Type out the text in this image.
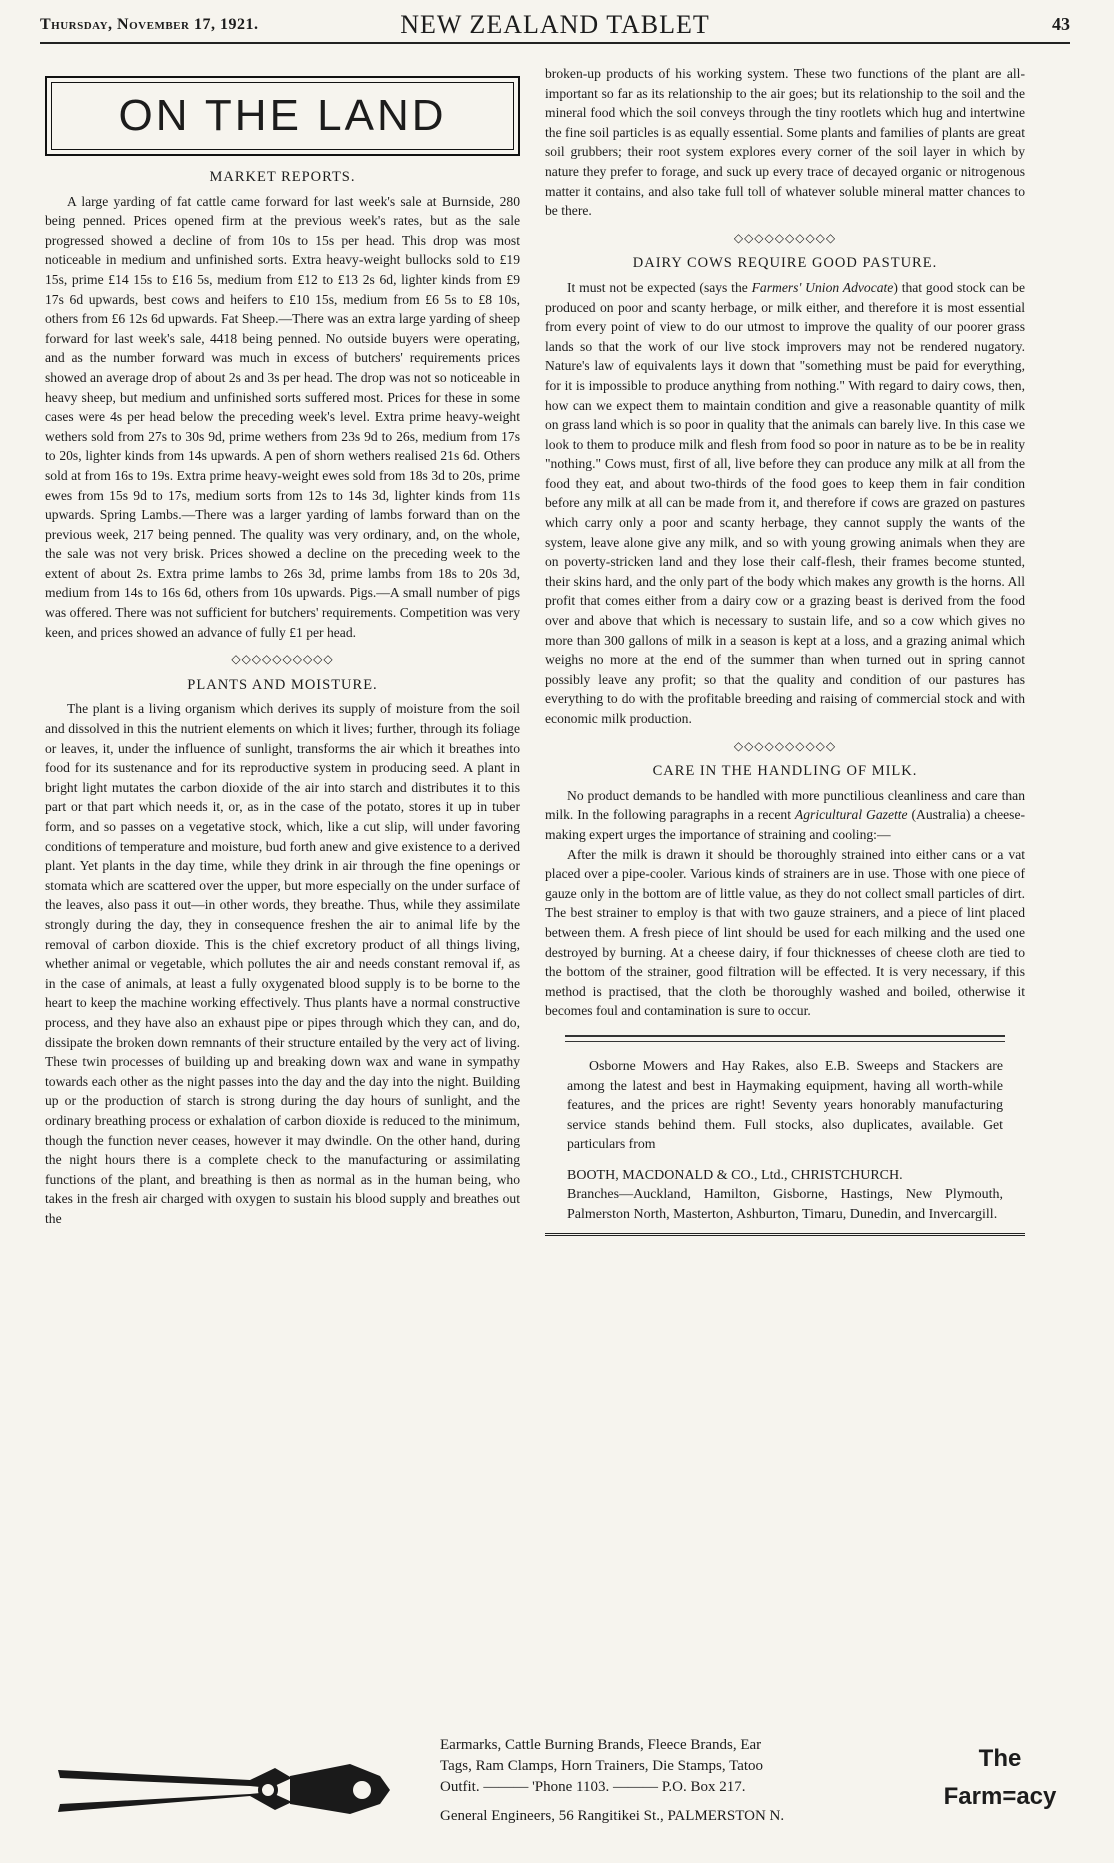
Thursday, November 17, 1921.	NEW ZEALAND TABLET	43
ON THE LAND
MARKET REPORTS.

A large yarding of fat cattle came forward for last week's sale at Burnside, 280 being penned. Prices opened firm at the previous week's rates, but as the sale progressed showed a decline of from 10s to 15s per head. This drop was most noticeable in medium and unfinished sorts. Extra heavy-weight bullocks sold to £19 15s, prime £14 15s to £16 5s, medium from £12 to £13 2s 6d, lighter kinds from £9 17s 6d upwards, best cows and heifers to £10 15s, medium from £6 5s to £8 10s, others from £6 12s 6d upwards. Fat Sheep.—There was an extra large yarding of sheep forward for last week's sale, 4418 being penned. No outside buyers were operating, and as the number forward was much in excess of butchers' requirements prices showed an average drop of about 2s and 3s per head. The drop was not so noticeable in heavy sheep, but medium and unfinished sorts suffered most. Prices for these in some cases were 4s per head below the preceding week's level. Extra prime heavy-weight wethers sold from 27s to 30s 9d, prime wethers from 23s 9d to 26s, medium from 17s to 20s, lighter kinds from 14s upwards. A pen of shorn wethers realised 21s 6d. Others sold at from 16s to 19s. Extra prime heavy-weight ewes sold from 18s 3d to 20s, prime ewes from 15s 9d to 17s, medium sorts from 12s to 14s 3d, lighter kinds from 11s upwards. Spring Lambs.—There was a larger yarding of lambs forward than on the previous week, 217 being penned. The quality was very ordinary, and, on the whole, the sale was not very brisk. Prices showed a decline on the preceding week to the extent of about 2s. Extra prime lambs to 26s 3d, prime lambs from 18s to 20s 3d, medium from 14s to 16s 6d, others from 10s upwards. Pigs.—A small number of pigs was offered. There was not sufficient for butchers' requirements. Competition was very keen, and prices showed an advance of fully £1 per head.

◇◇◇◇◇◇◇◇◇◇
PLANTS AND MOISTURE.

The plant is a living organism which derives its supply of moisture from the soil and dissolved in this the nutrient elements on which it lives; further, through its foliage or leaves, it, under the influence of sunlight, transforms the air which it breathes into food for its sustenance and for its reproductive system in producing seed. A plant in bright light mutates the carbon dioxide of the air into starch and distributes it to this part or that part which needs it, or, as in the case of the potato, stores it up in tuber form, and so passes on a vegetative stock, which, like a cut slip, will under favoring conditions of temperature and moisture, bud forth anew and give existence to a derived plant. Yet plants in the day time, while they drink in air through the fine openings or stomata which are scattered over the upper, but more especially on the under surface of the leaves, also pass it out—in other words, they breathe. Thus, while they assimilate strongly during the day, they in consequence freshen the air to animal life by the removal of carbon dioxide. This is the chief excretory product of all things living, whether animal or vegetable, which pollutes the air and needs constant removal if, as in the case of animals, at least a fully oxygenated blood supply is to be borne to the heart to keep the machine working effectively. Thus plants have a normal constructive process, and they have also an exhaust pipe or pipes through which they can, and do, dissipate the broken down remnants of their structure entailed by the very act of living. These twin processes of building up and breaking down wax and wane in sympathy towards each other as the night passes into the day and the day into the night. Building up or the production of starch is strong during the day hours of sunlight, and the ordinary breathing process or exhalation of carbon dioxide is reduced to the minimum, though the function never ceases, however it may dwindle. On the other hand, during the night hours there is a complete check to the manufacturing or assimilating functions of the plant, and breathing is then as normal as in the human being, who takes in the fresh air charged with oxygen to sustain his blood supply and breathes out the

broken-up products of his working system. These two functions of the plant are all-important so far as its relationship to the air goes; but its relationship to the soil and the mineral food which the soil conveys through the tiny rootlets which hug and intertwine the fine soil particles is as equally essential. Some plants and families of plants are great soil grubbers; their root system explores every corner of the soil layer in which by nature they prefer to forage, and suck up every trace of decayed organic or nitrogenous matter it contains, and also take full toll of whatever soluble mineral matter chances to be there.

◇◇◇◇◇◇◇◇◇◇
DAIRY COWS REQUIRE GOOD PASTURE.

It must not be expected (says the Farmers' Union Advocate) that good stock can be produced on poor and scanty herbage, or milk either, and therefore it is most essential from every point of view to do our utmost to improve the quality of our poorer grass lands so that the work of our live stock improvers may not be rendered nugatory. Nature's law of equivalents lays it down that "something must be paid for everything, for it is impossible to produce anything from nothing." With regard to dairy cows, then, how can we expect them to maintain condition and give a reasonable quantity of milk on grass land which is so poor in quality that the animals can barely live. In this case we look to them to produce milk and flesh from food so poor in nature as to be be in reality "nothing." Cows must, first of all, live before they can produce any milk at all from the food they eat, and about two-thirds of the food goes to keep them in fair condition before any milk at all can be made from it, and therefore if cows are grazed on pastures which carry only a poor and scanty herbage, they cannot supply the wants of the system, leave alone give any milk, and so with young growing animals when they are on poverty-stricken land and they lose their calf-flesh, their frames become stunted, their skins hard, and the only part of the body which makes any growth is the horns. All profit that comes either from a dairy cow or a grazing beast is derived from the food over and above that which is necessary to sustain life, and so a cow which gives no more than 300 gallons of milk in a season is kept at a loss, and a grazing animal which weighs no more at the end of the summer than when turned out in spring cannot possibly leave any profit; so that the quality and condition of our pastures has everything to do with the profitable breeding and raising of commercial stock and with economic milk production.

◇◇◇◇◇◇◇◇◇◇
CARE IN THE HANDLING OF MILK.

No product demands to be handled with more punctilious cleanliness and care than milk. In the following paragraphs in a recent Agricultural Gazette (Australia) a cheese-making expert urges the importance of straining and cooling:—

After the milk is drawn it should be thoroughly strained into either cans or a vat placed over a pipe-cooler. Various kinds of strainers are in use. Those with one piece of gauze only in the bottom are of little value, as they do not collect small particles of dirt. The best strainer to employ is that with two gauze strainers, and a piece of lint placed between them. A fresh piece of lint should be used for each milking and the used one destroyed by burning. At a cheese dairy, if four thicknesses of cheese cloth are tied to the bottom of the strainer, good filtration will be effected. It is very necessary, if this method is practised, that the cloth be thoroughly washed and boiled, otherwise it becomes foul and contamination is sure to occur.

Osborne Mowers and Hay Rakes, also E.B. Sweeps and Stackers are among the latest and best in Haymaking equipment, having all worth-while features, and the prices are right! Seventy years honorably manufacturing service stands behind them. Full stocks, also duplicates, available. Get particulars from

BOOTH, MACDONALD & CO., Ltd., CHRISTCHURCH.
Branches—Auckland, Hamilton, Gisborne, Hastings, New Plymouth, Palmerston North, Masterton, Ashburton, Timaru, Dunedin, and Invercargill.
Earmarks, Cattle Burning Brands, Fleece Brands, Ear
Tags, Ram Clamps, Horn Trainers, Die Stamps, Tatoo
Outfit. ——— 'Phone 1103. ——— P.O. Box 217.
General Engineers, 56 Rangitikei St., PALMERSTON N.
The
Farm=acy
